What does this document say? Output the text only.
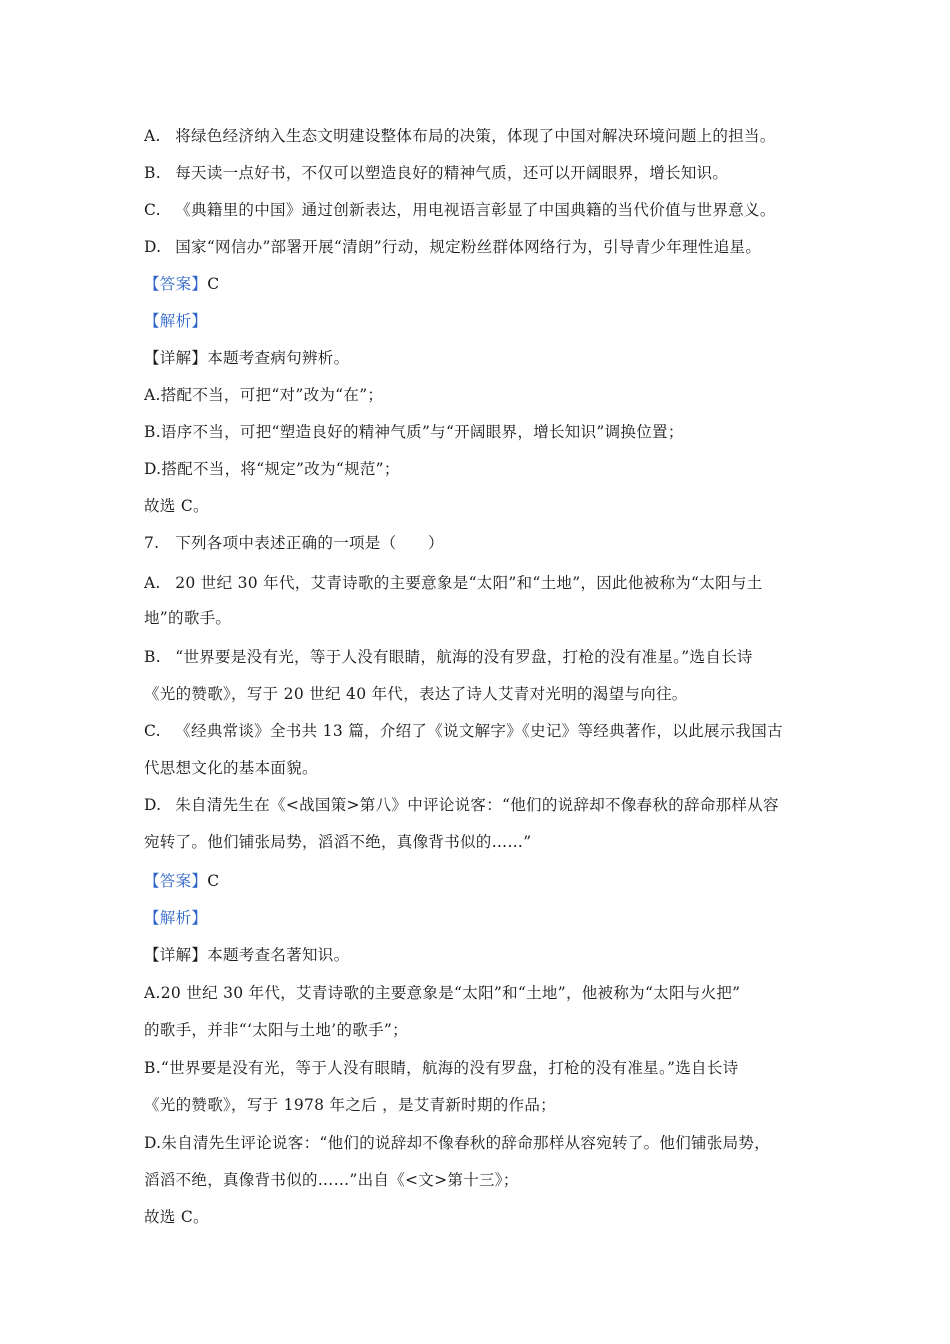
A. 将绿色经济纳入生态文明建设整体布局的决策，体现了中国对解决环境问题上的担当。
B. 每天读一点好书，不仅可以塑造良好的精神气质，还可以开阔眼界，增长知识。
C. 《典籍里的中国》通过创新表达，用电视语言彰显了中国典籍的当代价值与世界意义。
D. 国家“网信办”部署开展“清朗”行动，规定粉丝群体网络行为，引导青少年理性追星。
【答案】C
【解析】
【详解】本题考查病句辨析。
A.搭配不当，可把“对”改为“在”；
B.语序不当，可把“塑造良好的精神气质”与“开阔眼界，增长知识”调换位置；
D.搭配不当，将“规定”改为“规范”；
故选 C。
7.　下列各项中表述正确的一项是（　　）
A. 20 世纪 30 年代，艾青诗歌的主要意象是“太阳”和“土地”，因此他被称为“太阳与土
地”的歌手。
B. “世界要是没有光，等于人没有眼睛，航海的没有罗盘，打枪的没有准星。”选自长诗
《光的赞歌》，写于 20 世纪 40 年代，表达了诗人艾青对光明的渴望与向往。
C. 《经典常谈》全书共 13 篇，介绍了《说文解字》《史记》等经典著作，以此展示我国古
代思想文化的基本面貌。
D. 朱自清先生在《<战国策>第八》中评论说客：“他们的说辞却不像春秋的辞命那样从容
宛转了。他们铺张局势，滔滔不绝，真像背书似的……”
【答案】C
【解析】
【详解】本题考查名著知识。
A.20 世纪 30 年代，艾青诗歌的主要意象是“太阳”和“土地”，他被称为“太阳与火把”
的歌手，并非“‘太阳与土地’的歌手”；
B.“世界要是没有光，等于人没有眼睛，航海的没有罗盘，打枪的没有准星。”选自长诗
《光的赞歌》，写于 1978 年之后 ，是艾青新时期的作品；
D.朱自清先生评论说客：“他们的说辞却不像春秋的辞命那样从容宛转了。他们铺张局势，
滔滔不绝，真像背书似的……”出自《<文>第十三》；
故选 C。
